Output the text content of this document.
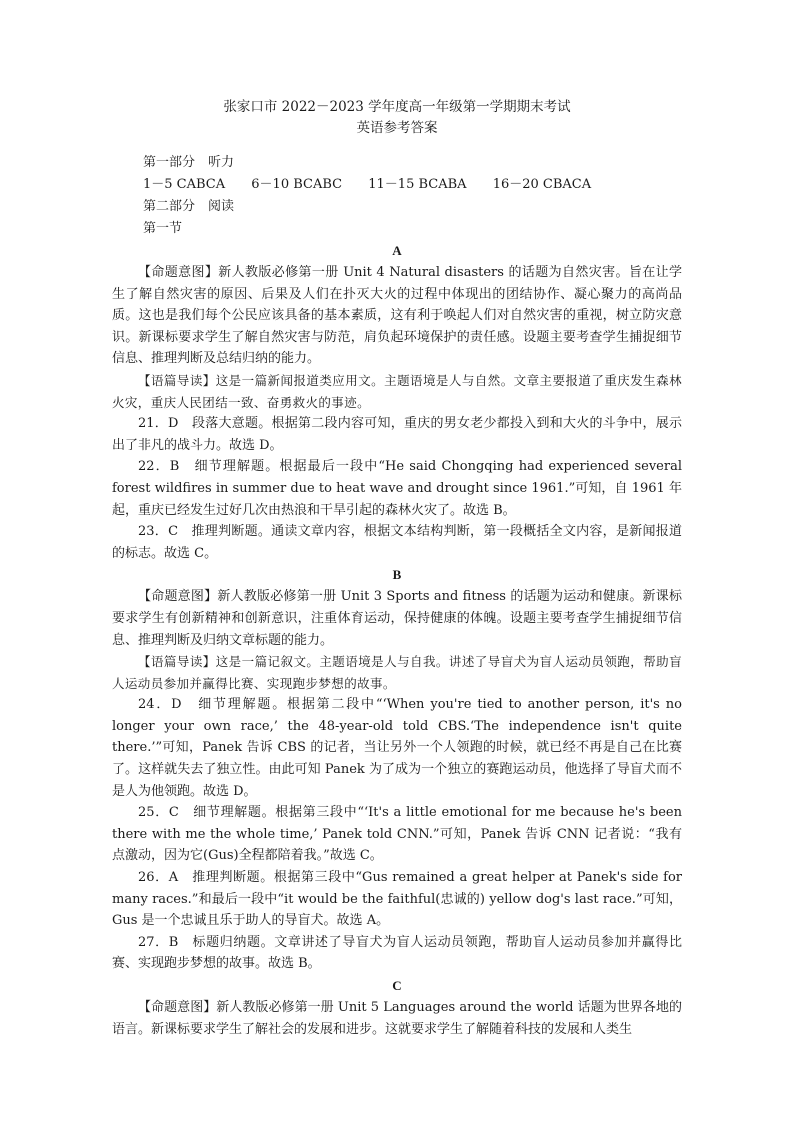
张家口市 2022－2023 学年度高一年级第一学期期末考试

英语参考答案

第一部分　听力

1－5 CABCA 6－10 BCABC 11－15 BCABA 16－20 CBACA

第二部分　阅读

第一节

A

【命题意图】新人教版必修第一册 Unit 4 Natural disasters 的话题为自然灾害。旨在让学生了解自然灾害的原因、后果及人们在扑灭大火的过程中体现出的团结协作、凝心聚力的高尚品质。这也是我们每个公民应该具备的基本素质，这有利于唤起人们对自然灾害的重视，树立防灾意识。新课标要求学生了解自然灾害与防范，肩负起环境保护的责任感。设题主要考查学生捕捉细节信息、推理判断及总结归纳的能力。

【语篇导读】这是一篇新闻报道类应用文。主题语境是人与自然。文章主要报道了重庆发生森林火灾，重庆人民团结一致、奋勇救火的事迹。

21．D　段落大意题。根据第二段内容可知，重庆的男女老少都投入到和大火的斗争中，展示出了非凡的战斗力。故选 D。

22．B　细节理解题。根据最后一段中“He said Chongqing had experienced several forest wildfires in summer due to heat wave and drought since 1961.”可知，自 1961 年起，重庆已经发生过好几次由热浪和干旱引起的森林火灾了。故选 B。

23．C　推理判断题。通读文章内容，根据文本结构判断，第一段概括全文内容，是新闻报道的标志。故选 C。

B

【命题意图】新人教版必修第一册 Unit 3 Sports and fitness 的话题为运动和健康。新课标要求学生有创新精神和创新意识，注重体育运动，保持健康的体魄。设题主要考查学生捕捉细节信息、推理判断及归纳文章标题的能力。

【语篇导读】这是一篇记叙文。主题语境是人与自我。讲述了导盲犬为盲人运动员领跑，帮助盲人运动员参加并赢得比赛、实现跑步梦想的故事。

24．D　细节理解题。根据第二段中“‘When you're tied to another person, it's no longer your own race,’ the 48-year-old told CBS.‘The independence isn't quite there.’”可知，Panek 告诉 CBS 的记者，当让另外一个人领跑的时候，就已经不再是自己在比赛了。这样就失去了独立性。由此可知 Panek 为了成为一个独立的赛跑运动员，他选择了导盲犬而不是人为他领跑。故选 D。

25．C　细节理解题。根据第三段中“‘It's a little emotional for me because he's been there with me the whole time,’ Panek told CNN.”可知，Panek 告诉 CNN 记者说：“我有点激动，因为它(Gus)全程都陪着我。”故选 C。

26．A　推理判断题。根据第三段中“Gus remained a great helper at Panek's side for many races.”和最后一段中“it would be the faithful(忠诚的) yellow dog's last race.”可知，Gus 是一个忠诚且乐于助人的导盲犬。故选 A。

27．B　标题归纳题。文章讲述了导盲犬为盲人运动员领跑，帮助盲人运动员参加并赢得比赛、实现跑步梦想的故事。故选 B。

C

【命题意图】新人教版必修第一册 Unit 5 Languages around the world 话题为世界各地的语言。新课标要求学生了解社会的发展和进步。这就要求学生了解随着科技的发展和人类生
